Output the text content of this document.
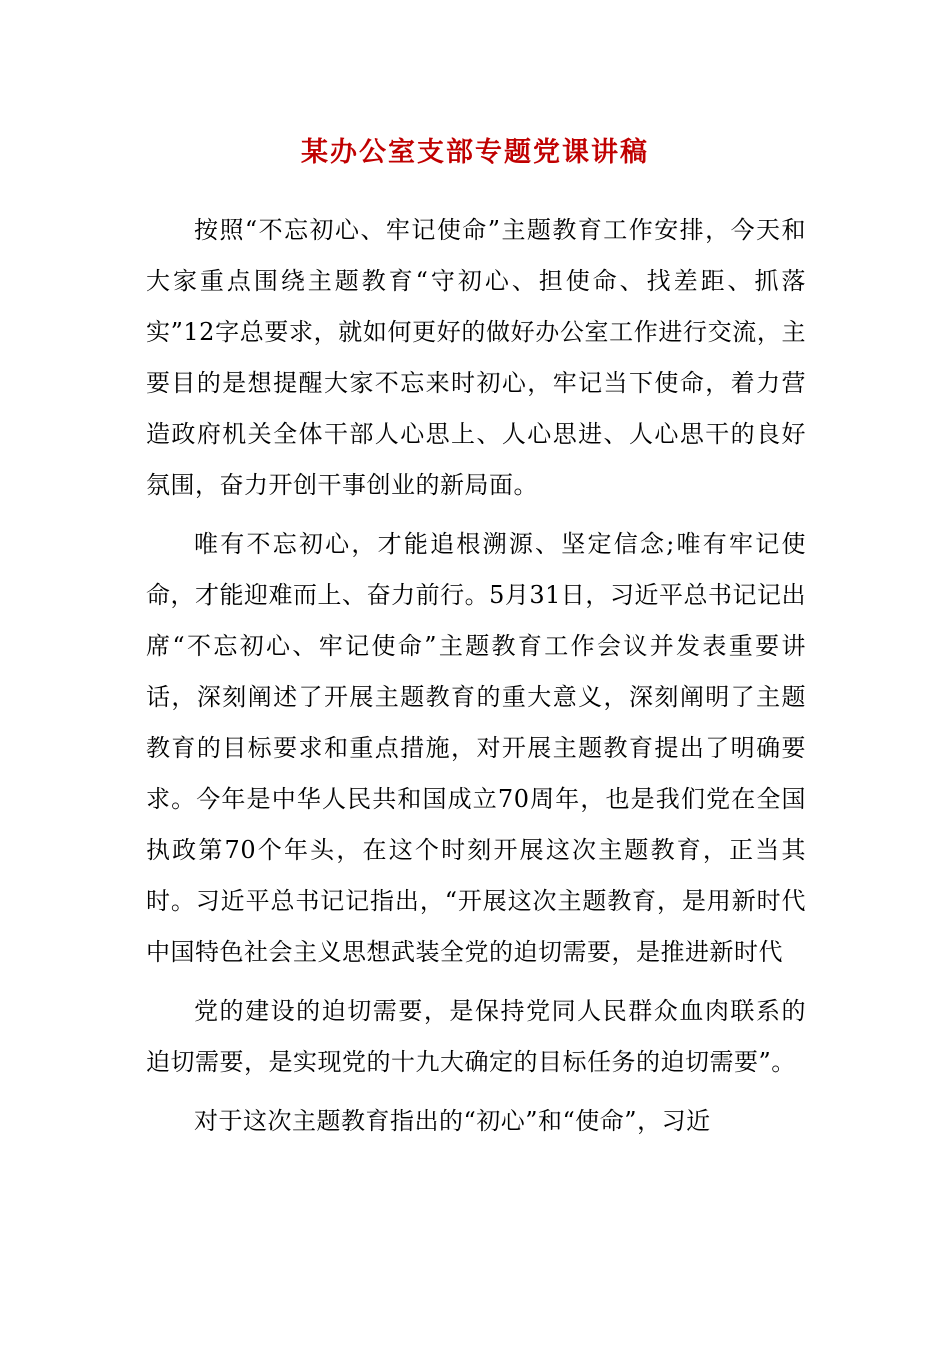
某办公室支部专题党课讲稿

按照“不忘初心、牢记使命”主题教育工作安排，今天和大家重点围绕主题教育“守初心、担使命、找差距、抓落实”12字总要求，就如何更好的做好办公室工作进行交流，主要目的是想提醒大家不忘来时初心，牢记当下使命，着力营造政府机关全体干部人心思上、人心思进、人心思干的良好氛围，奋力开创干事创业的新局面。

唯有不忘初心，才能追根溯源、坚定信念;唯有牢记使命，才能迎难而上、奋力前行。5月31日，习近平总书记记出席“不忘初心、牢记使命”主题教育工作会议并发表重要讲话，深刻阐述了开展主题教育的重大意义，深刻阐明了主题教育的目标要求和重点措施，对开展主题教育提出了明确要求。今年是中华人民共和国成立70周年，也是我们党在全国执政第70个年头，在这个时刻开展这次主题教育，正当其时。习近平总书记记指出，“开展这次主题教育，是用新时代中国特色社会主义思想武装全党的迫切需要，是推进新时代

党的建设的迫切需要，是保持党同人民群众血肉联系的迫切需要，是实现党的十九大确定的目标任务的迫切需要”。

对于这次主题教育指出的“初心”和“使命”，习近
